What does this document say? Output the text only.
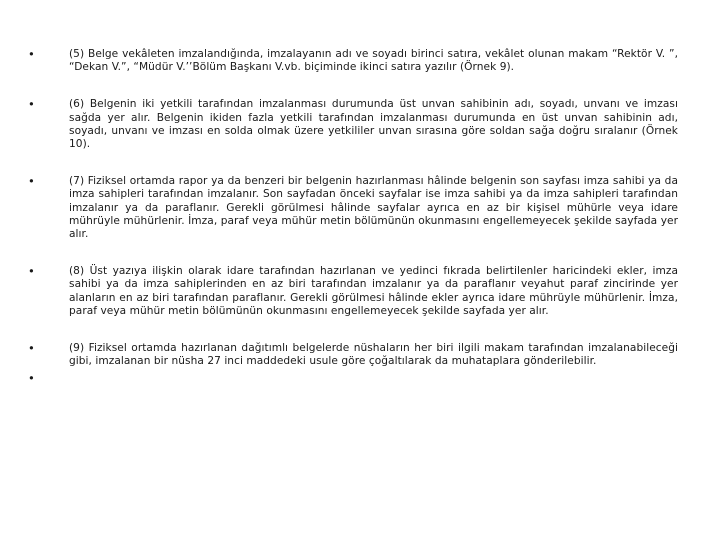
•	(5) Belge vekâleten imzalandığında, imzalayanın adı ve soyadı birinci satıra, vekâlet olunan makam “Rektör V. ”, “Dekan V.”, “Müdür V.’’Bölüm Başkanı V.vb. biçiminde ikinci satıra yazılır (Örnek 9).
•	(6) Belgenin iki yetkili tarafından imzalanması durumunda üst unvan sahibinin adı, soyadı, unvanı ve imzası sağda yer alır. Belgenin ikiden fazla yetkili tarafından imzalanması durumunda en üst unvan sahibinin adı, soyadı, unvanı ve imzası en solda olmak üzere yetkililer unvan sırasına göre soldan sağa doğru sıralanır (Örnek 10).
•	(7) Fiziksel ortamda rapor ya da benzeri bir belgenin hazırlanması hâlinde belgenin son sayfası imza sahibi ya da imza sahipleri tarafından imzalanır. Son sayfadan önceki sayfalar ise imza sahibi ya da imza sahipleri tarafından imzalanır ya da paraflanır. Gerekli görülmesi hâlinde sayfalar ayrıca en az bir kişisel mühürle veya idare mührüyle mühürlenir. İmza, paraf veya mühür metin bölümünün okunmasını engellemeyecek şekilde sayfada yer alır.
•	(8) Üst yazıya ilişkin olarak idare tarafından hazırlanan ve yedinci fıkrada belirtilenler haricindeki ekler, imza sahibi ya da imza sahiplerinden en az biri tarafından imzalanır ya da paraflanır veyahut paraf zincirinde yer alanların en az biri tarafından paraflanır. Gerekli görülmesi hâlinde ekler ayrıca idare mührüyle mühürlenir. İmza, paraf veya mühür metin bölümünün okunmasını engellemeyecek şekilde sayfada yer alır.
•	(9) Fiziksel ortamda hazırlanan dağıtımlı belgelerde nüshaların her biri ilgili makam tarafından imzalanabileceği gibi, imzalanan bir nüsha 27 inci maddedeki usule göre çoğaltılarak da muhataplara gönderilebilir.
•
